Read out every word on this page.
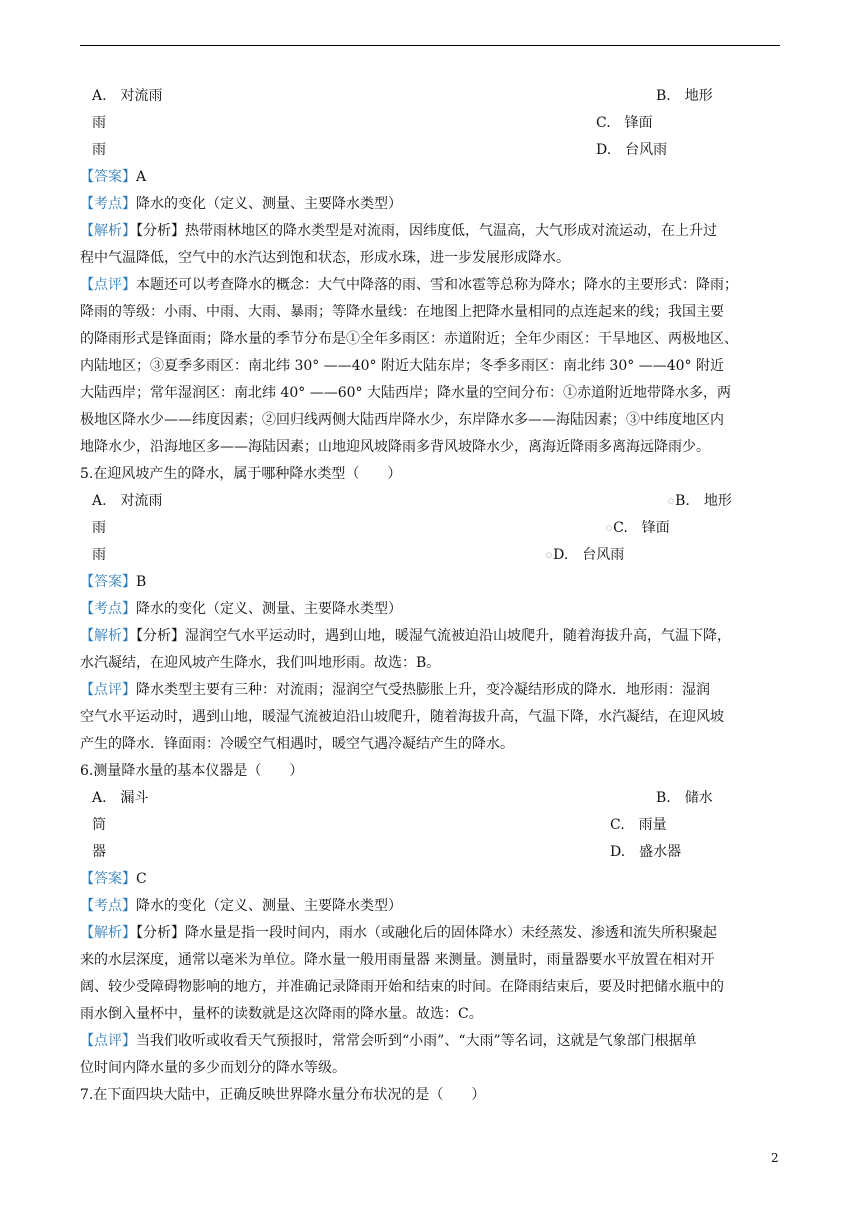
A.　对流雨	B.　地形
雨	C.　锋面
雨	D.　台风雨
【答案】A
【考点】降水的变化（定义、测量、主要降水类型）
【解析】【分析】热带雨林地区的降水类型是对流雨，因纬度低，气温高，大气形成对流运动，在上升过
程中气温降低，空气中的水汽达到饱和状态，形成水珠，进一步发展形成降水。
【点评】本题还可以考查降水的概念：大气中降落的雨、雪和冰雹等总称为降水；降水的主要形式：降雨；
降雨的等级：小雨、中雨、大雨、暴雨；等降水量线：在地图上把降水量相同的点连起来的线；我国主要
的降雨形式是锋面雨；降水量的季节分布是①全年多雨区：赤道附近；全年少雨区：干旱地区、两极地区、
内陆地区；③夏季多雨区：南北纬 30° ——40° 附近大陆东岸；冬季多雨区：南北纬 30° ——40° 附近
大陆西岸；常年湿润区：南北纬 40° ——60° 大陆西岸；降水量的空间分布：①赤道附近地带降水多，两
极地区降水少——纬度因素；②回归线两侧大陆西岸降水少，东岸降水多——海陆因素；③中纬度地区内
地降水少，沿海地区多——海陆因素；山地迎风坡降雨多背风坡降水少，离海近降雨多离海远降雨少。
5.在迎风坡产生的降水，属于哪种降水类型（　　）
A.　对流雨	○B.　地形
雨	○C.　锋面
雨	○D.　台风雨
【答案】B
【考点】降水的变化（定义、测量、主要降水类型）
【解析】【分析】湿润空气水平运动时，遇到山地，暖湿气流被迫沿山坡爬升，随着海拔升高，气温下降，
水汽凝结，在迎风坡产生降水，我们叫地形雨。故选：B。
【点评】降水类型主要有三种：对流雨；湿润空气受热膨胀上升，变冷凝结形成的降水．地形雨：湿润
空气水平运动时，遇到山地，暖湿气流被迫沿山坡爬升，随着海拔升高，气温下降，水汽凝结，在迎风坡
产生的降水．锋面雨：冷暖空气相遇时，暖空气遇冷凝结产生的降水。
6.测量降水量的基本仪器是（　　）
A.　漏斗	B.　储水
筒	C.　雨量
器	D.　盛水器
【答案】C
【考点】降水的变化（定义、测量、主要降水类型）
【解析】【分析】降水量是指一段时间内，雨水（或融化后的固体降水）未经蒸发、渗透和流失所积聚起
来的水层深度，通常以毫米为单位。降水量一般用雨量器 来测量。测量时，雨量器要水平放置在相对开
阔、较少受障碍物影响的地方，并准确记录降雨开始和结束的时间。在降雨结束后，要及时把储水瓶中的
雨水倒入量杯中，量杯的读数就是这次降雨的降水量。故选：C。
【点评】当我们收听或收看天气预报时，常常会听到“小雨”、“大雨”等名词，这就是气象部门根据单
位时间内降水量的多少而划分的降水等级。
7.在下面四块大陆中，正确反映世界降水量分布状况的是（　　）
2
